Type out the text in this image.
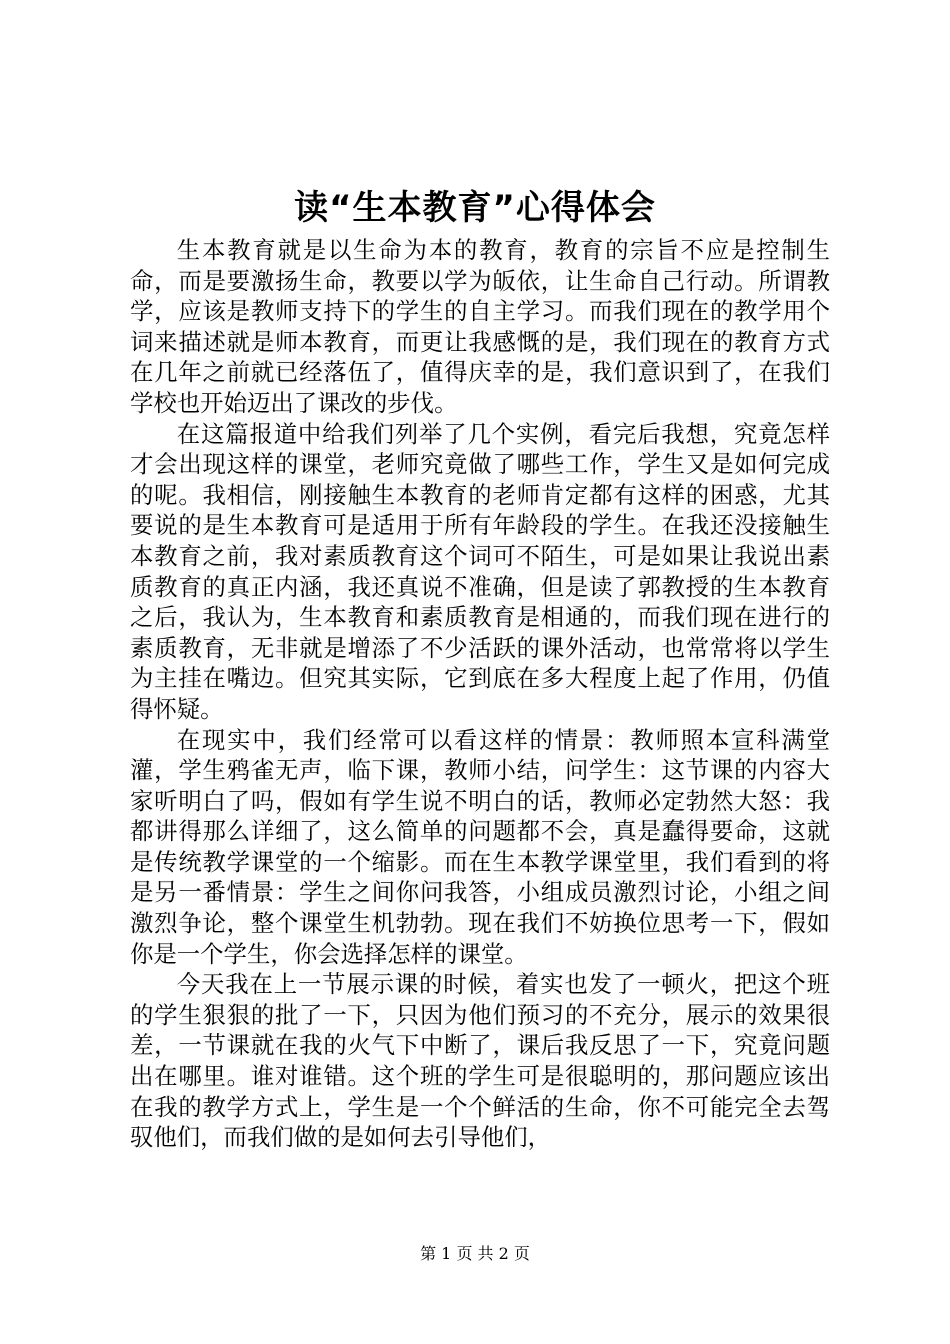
读“生本教育”心得体会

生本教育就是以生命为本的教育，教育的宗旨不应是控制生命，而是要激扬生命，教要以学为皈依，让生命自己行动。所谓教学，应该是教师支持下的学生的自主学习。而我们现在的教学用个词来描述就是师本教育，而更让我感慨的是，我们现在的教育方式在几年之前就已经落伍了，值得庆幸的是，我们意识到了，在我们学校也开始迈出了课改的步伐。

在这篇报道中给我们列举了几个实例，看完后我想，究竟怎样才会出现这样的课堂，老师究竟做了哪些工作，学生又是如何完成的呢。我相信，刚接触生本教育的老师肯定都有这样的困惑，尤其要说的是生本教育可是适用于所有年龄段的学生。在我还没接触生本教育之前，我对素质教育这个词可不陌生，可是如果让我说出素质教育的真正内涵，我还真说不准确，但是读了郭教授的生本教育之后，我认为，生本教育和素质教育是相通的，而我们现在进行的素质教育，无非就是增添了不少活跃的课外活动，也常常将以学生为主挂在嘴边。但究其实际，它到底在多大程度上起了作用，仍值得怀疑。

在现实中，我们经常可以看这样的情景：教师照本宣科满堂灌，学生鸦雀无声，临下课，教师小结，问学生：这节课的内容大家听明白了吗，假如有学生说不明白的话，教师必定勃然大怒：我都讲得那么详细了，这么简单的问题都不会，真是蠢得要命，这就是传统教学课堂的一个缩影。而在生本教学课堂里，我们看到的将是另一番情景：学生之间你问我答，小组成员激烈讨论，小组之间激烈争论，整个课堂生机勃勃。现在我们不妨换位思考一下，假如你是一个学生，你会选择怎样的课堂。

今天我在上一节展示课的时候，着实也发了一顿火，把这个班的学生狠狠的批了一下，只因为他们预习的不充分，展示的效果很差，一节课就在我的火气下中断了，课后我反思了一下，究竟问题出在哪里。谁对谁错。这个班的学生可是很聪明的，那问题应该出在我的教学方式上，学生是一个个鲜活的生命，你不可能完全去驾驭他们，而我们做的是如何去引导他们，

第 1 页 共 2 页
